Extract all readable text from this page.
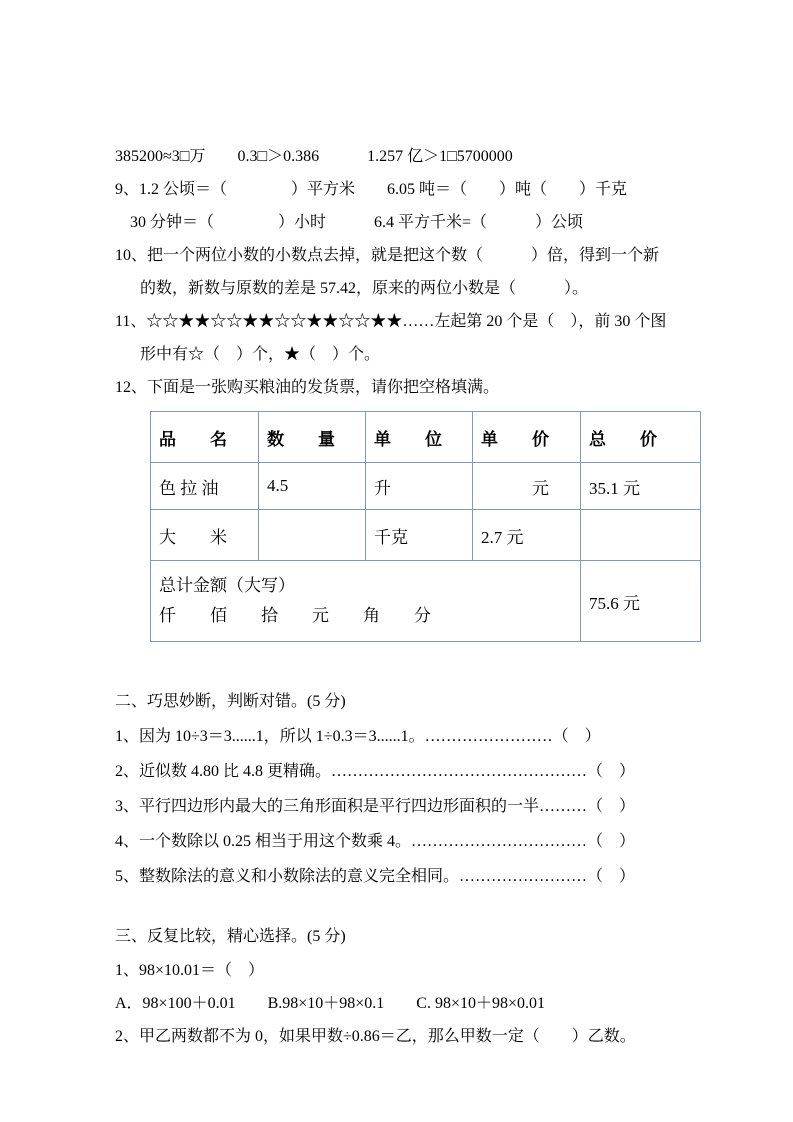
385200≈3□万　　0.3□＞0.386　　　1.257 亿＞1□5700000
9、1.2 公顷＝（　　　　）平方米　　6.05 吨＝（　　）吨（　　）千克
30 分钟＝（　　　　）小时　　　6.4 平方千米=（　　　）公顷
10、把一个两位小数的小数点去掉，就是把这个数（　　　）倍，得到一个新
的数，新数与原数的差是 57.42，原来的两位小数是（　　　）。
11、☆☆★★☆☆★★☆☆★★☆☆★★……左起第 20 个是（　），前 30 个图
形中有☆（　）个，★（　）个。
12、下面是一张购买粮油的发货票，请你把空格填满。
品　　名	数　　量	单　　位	单　　价	总　　价
色 拉 油	4.5	升	　　　元	35.1 元
大　　米		千克	2.7 元	

总计金额（大写）
仟　　佰　　拾　　元　　角　　分				75.6 元
二、巧思妙断，判断对错。(5 分)
1、因为 10÷3＝3......1，所以 1÷0.3＝3......1。……………………（　）
2、近似数 4.80 比 4.8 更精确。…………………………………………（　）
3、平行四边形内最大的三角形面积是平行四边形面积的一半………（　）
4、一个数除以 0.25 相当于用这个数乘 4。……………………………（　）
5、整数除法的意义和小数除法的意义完全相同。……………………（　）
三、反复比较，精心选择。(5 分)
1、98×10.01＝（　）
A．98×100＋0.01　　B.98×10＋98×0.1　　C. 98×10＋98×0.01
2、甲乙两数都不为 0，如果甲数÷0.86＝乙，那么甲数一定（　　）乙数。
